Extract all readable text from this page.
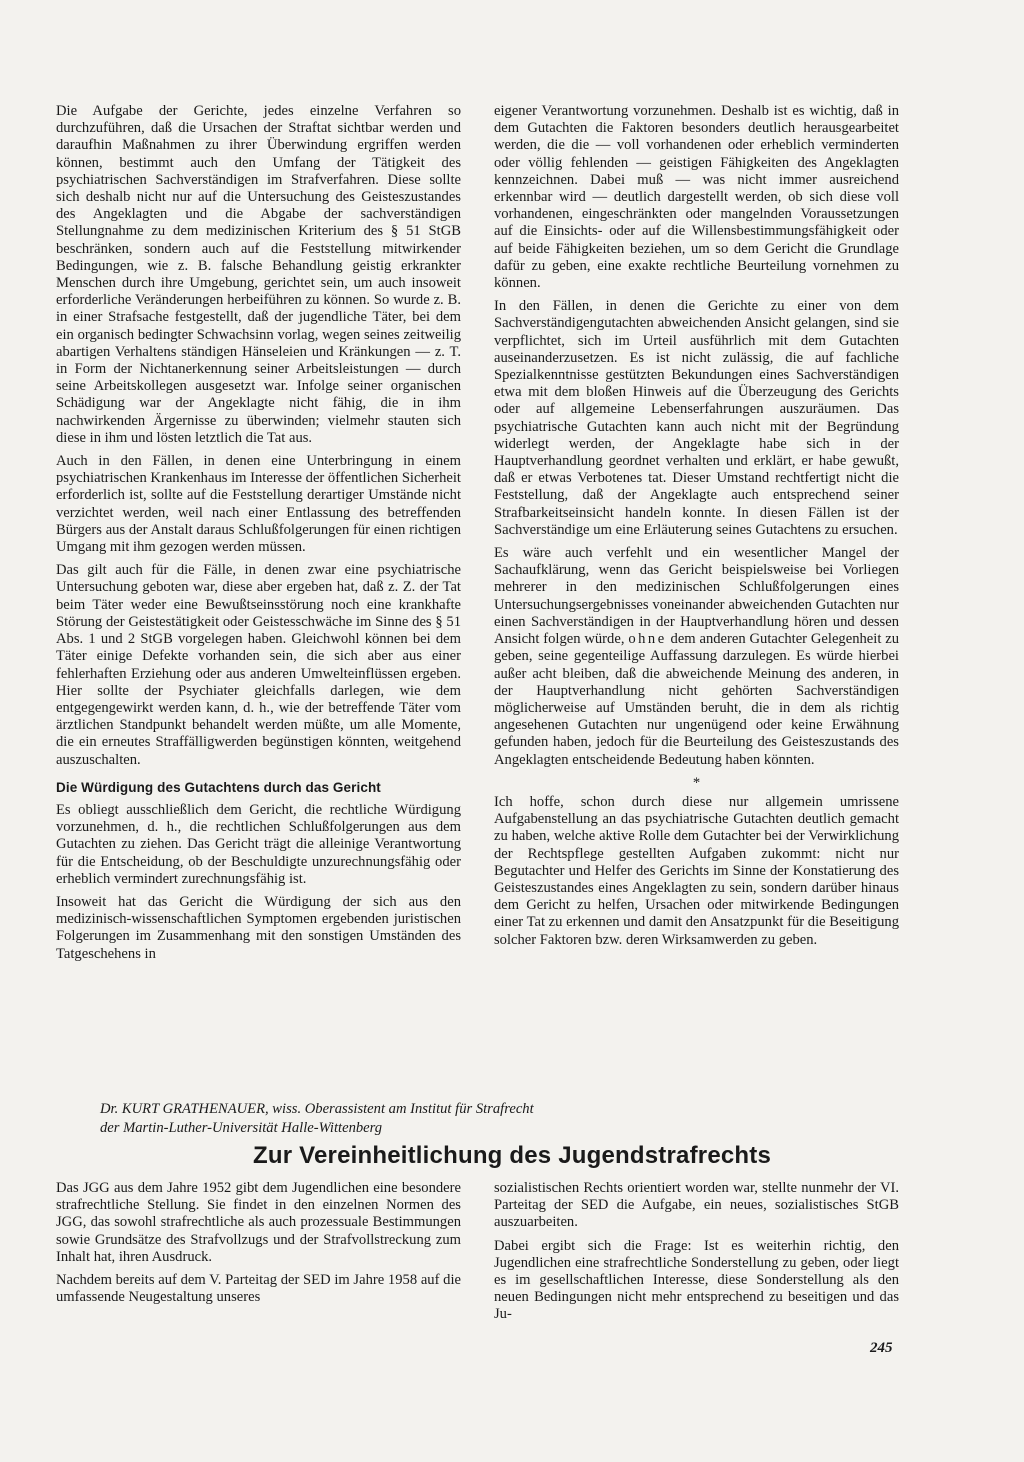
Die Aufgabe der Gerichte, jedes einzelne Verfahren so durchzuführen, daß die Ursachen der Straftat sichtbar werden und daraufhin Maßnahmen zu ihrer Überwindung ergriffen werden können, bestimmt auch den Umfang der Tätigkeit des psychiatrischen Sachverständigen im Strafverfahren. Diese sollte sich deshalb nicht nur auf die Untersuchung des Geisteszustandes des Angeklagten und die Abgabe der sachverständigen Stellungnahme zu dem medizinischen Kriterium des § 51 StGB beschränken, sondern auch auf die Feststellung mitwirkender Bedingungen, wie z. B. falsche Behandlung geistig erkrankter Menschen durch ihre Umgebung, gerichtet sein, um auch insoweit erforderliche Veränderungen herbeiführen zu können. So wurde z. B. in einer Strafsache festgestellt, daß der jugendliche Täter, bei dem ein organisch bedingter Schwachsinn vorlag, wegen seines zeitweilig abartigen Verhaltens ständigen Hänseleien und Kränkungen — z. T. in Form der Nichtanerkennung seiner Arbeitsleistungen — durch seine Arbeitskollegen ausgesetzt war. Infolge seiner organischen Schädigung war der Angeklagte nicht fähig, die in ihm nachwirkenden Ärgernisse zu überwinden; vielmehr stauten sich diese in ihm und lösten letztlich die Tat aus.

Auch in den Fällen, in denen eine Unterbringung in einem psychiatrischen Krankenhaus im Interesse der öffentlichen Sicherheit erforderlich ist, sollte auf die Feststellung derartiger Umstände nicht verzichtet werden, weil nach einer Entlassung des betreffenden Bürgers aus der Anstalt daraus Schlußfolgerungen für einen richtigen Umgang mit ihm gezogen werden müssen.

Das gilt auch für die Fälle, in denen zwar eine psychiatrische Untersuchung geboten war, diese aber ergeben hat, daß z. Z. der Tat beim Täter weder eine Bewußtseinsstörung noch eine krankhafte Störung der Geistestätigkeit oder Geistesschwäche im Sinne des § 51 Abs. 1 und 2 StGB vorgelegen haben. Gleichwohl können bei dem Täter einige Defekte vorhanden sein, die sich aber aus einer fehlerhaften Erziehung oder aus anderen Umwelteinflüssen ergeben. Hier sollte der Psychiater gleichfalls darlegen, wie dem entgegengewirkt werden kann, d. h., wie der betreffende Täter vom ärztlichen Standpunkt behandelt werden müßte, um alle Momente, die ein erneutes Straffälligwerden begünstigen könnten, weitgehend auszuschalten.

Die Würdigung des Gutachtens durch das Gericht

Es obliegt ausschließlich dem Gericht, die rechtliche Würdigung vorzunehmen, d. h., die rechtlichen Schlußfolgerungen aus dem Gutachten zu ziehen. Das Gericht trägt die alleinige Verantwortung für die Entscheidung, ob der Beschuldigte unzurechnungsfähig oder erheblich vermindert zurechnungsfähig ist.

Insoweit hat das Gericht die Würdigung der sich aus den medizinisch-wissenschaftlichen Symptomen ergebenden juristischen Folgerungen im Zusammenhang mit den sonstigen Umständen des Tatgeschehens in

eigener Verantwortung vorzunehmen. Deshalb ist es wichtig, daß in dem Gutachten die Faktoren besonders deutlich herausgearbeitet werden, die die — voll vorhandenen oder erheblich verminderten oder völlig fehlenden — geistigen Fähigkeiten des Angeklagten kennzeichnen. Dabei muß — was nicht immer ausreichend erkennbar wird — deutlich dargestellt werden, ob sich diese voll vorhandenen, eingeschränkten oder mangelnden Voraussetzungen auf die Einsichts- oder auf die Willensbestimmungsfähigkeit oder auf beide Fähigkeiten beziehen, um so dem Gericht die Grundlage dafür zu geben, eine exakte rechtliche Beurteilung vornehmen zu können.

In den Fällen, in denen die Gerichte zu einer von dem Sachverständigengutachten abweichenden Ansicht gelangen, sind sie verpflichtet, sich im Urteil ausführlich mit dem Gutachten auseinanderzusetzen. Es ist nicht zulässig, die auf fachliche Spezialkenntnisse gestützten Bekundungen eines Sachverständigen etwa mit dem bloßen Hinweis auf die Überzeugung des Gerichts oder auf allgemeine Lebenserfahrungen auszuräumen. Das psychiatrische Gutachten kann auch nicht mit der Begründung widerlegt werden, der Angeklagte habe sich in der Hauptverhandlung geordnet verhalten und erklärt, er habe gewußt, daß er etwas Verbotenes tat. Dieser Umstand rechtfertigt nicht die Feststellung, daß der Angeklagte auch entsprechend seiner Strafbarkeitseinsicht handeln konnte. In diesen Fällen ist der Sachverständige um eine Erläuterung seines Gutachtens zu ersuchen.

Es wäre auch verfehlt und ein wesentlicher Mangel der Sachaufklärung, wenn das Gericht beispielsweise bei Vorliegen mehrerer in den medizinischen Schlußfolgerungen eines Untersuchungsergebnisses voneinander abweichenden Gutachten nur einen Sachverständigen in der Hauptverhandlung hören und dessen Ansicht folgen würde, ohne dem anderen Gutachter Gelegenheit zu geben, seine gegenteilige Auffassung darzulegen. Es würde hierbei außer acht bleiben, daß die abweichende Meinung des anderen, in der Hauptverhandlung nicht gehörten Sachverständigen möglicherweise auf Umständen beruht, die in dem als richtig angesehenen Gutachten nur ungenügend oder keine Erwähnung gefunden haben, jedoch für die Beurteilung des Geisteszustands des Angeklagten entscheidende Bedeutung haben könnten.

*

Ich hoffe, schon durch diese nur allgemein umrissene Aufgabenstellung an das psychiatrische Gutachten deutlich gemacht zu haben, welche aktive Rolle dem Gutachter bei der Verwirklichung der Rechtspflege gestellten Aufgaben zukommt: nicht nur Begutachter und Helfer des Gerichts im Sinne der Konstatierung des Geisteszustandes eines Angeklagten zu sein, sondern darüber hinaus dem Gericht zu helfen, Ursachen oder mitwirkende Bedingungen einer Tat zu erkennen und damit den Ansatzpunkt für die Beseitigung solcher Faktoren bzw. deren Wirksamwerden zu geben.

Dr. KURT GRATHENAUER, wiss. Oberassistent am Institut für Strafrecht
der Martin-Luther-Universität Halle-Wittenberg
Zur Vereinheitlichung des Jugendstrafrechts

Das JGG aus dem Jahre 1952 gibt dem Jugendlichen eine besondere strafrechtliche Stellung. Sie findet in den einzelnen Normen des JGG, das sowohl strafrechtliche als auch prozessuale Bestimmungen sowie Grundsätze des Strafvollzugs und der Strafvollstreckung zum Inhalt hat, ihren Ausdruck.

Nachdem bereits auf dem V. Parteitag der SED im Jahre 1958 auf die umfassende Neugestaltung unseres

sozialistischen Rechts orientiert worden war, stellte nunmehr der VI. Parteitag der SED die Aufgabe, ein neues, sozialistisches StGB auszuarbeiten.

Dabei ergibt sich die Frage: Ist es weiterhin richtig, den Jugendlichen eine strafrechtliche Sonderstellung zu geben, oder liegt es im gesellschaftlichen Interesse, diese Sonderstellung als den neuen Bedingungen nicht mehr entsprechend zu beseitigen und das Ju-

245
